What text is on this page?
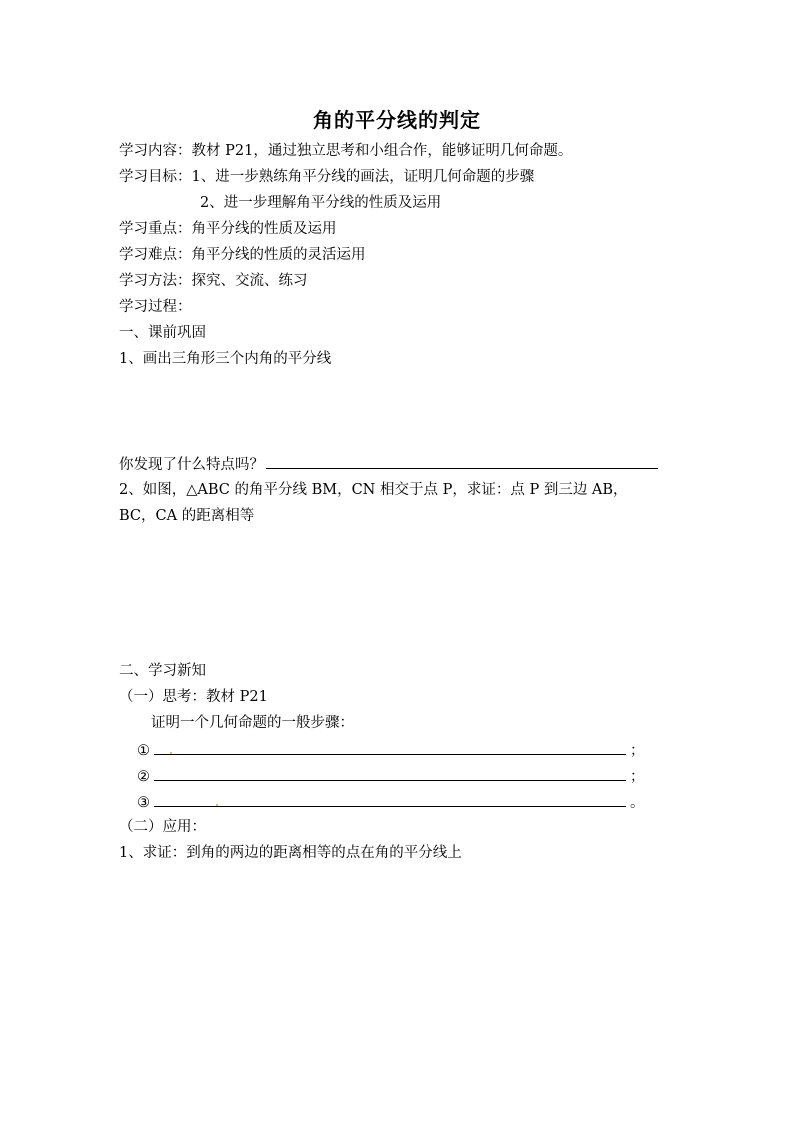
角的平分线的判定
学习内容：教材 P21，通过独立思考和小组合作，能够证明几何命题。
学习目标：1、进一步熟练角平分线的画法，证明几何命题的步骤
2、进一步理解角平分线的性质及运用
学习重点：角平分线的性质及运用
学习难点：角平分线的性质的灵活运用
学习方法：探究、交流、练习
学习过程：
一、课前巩固
1、画出三角形三个内角的平分线
你发现了什么特点吗？
2、如图，△ABC 的角平分线 BM，CN 相交于点 P，求证：点 P 到三边 AB，
BC，CA 的距离相等
二、学习新知
（一）思考：教材 P21
证明一个几何命题的一般步骤：
①	；
②	；
③	。
（二）应用：
1、求证：到角的两边的距离相等的点在角的平分线上
